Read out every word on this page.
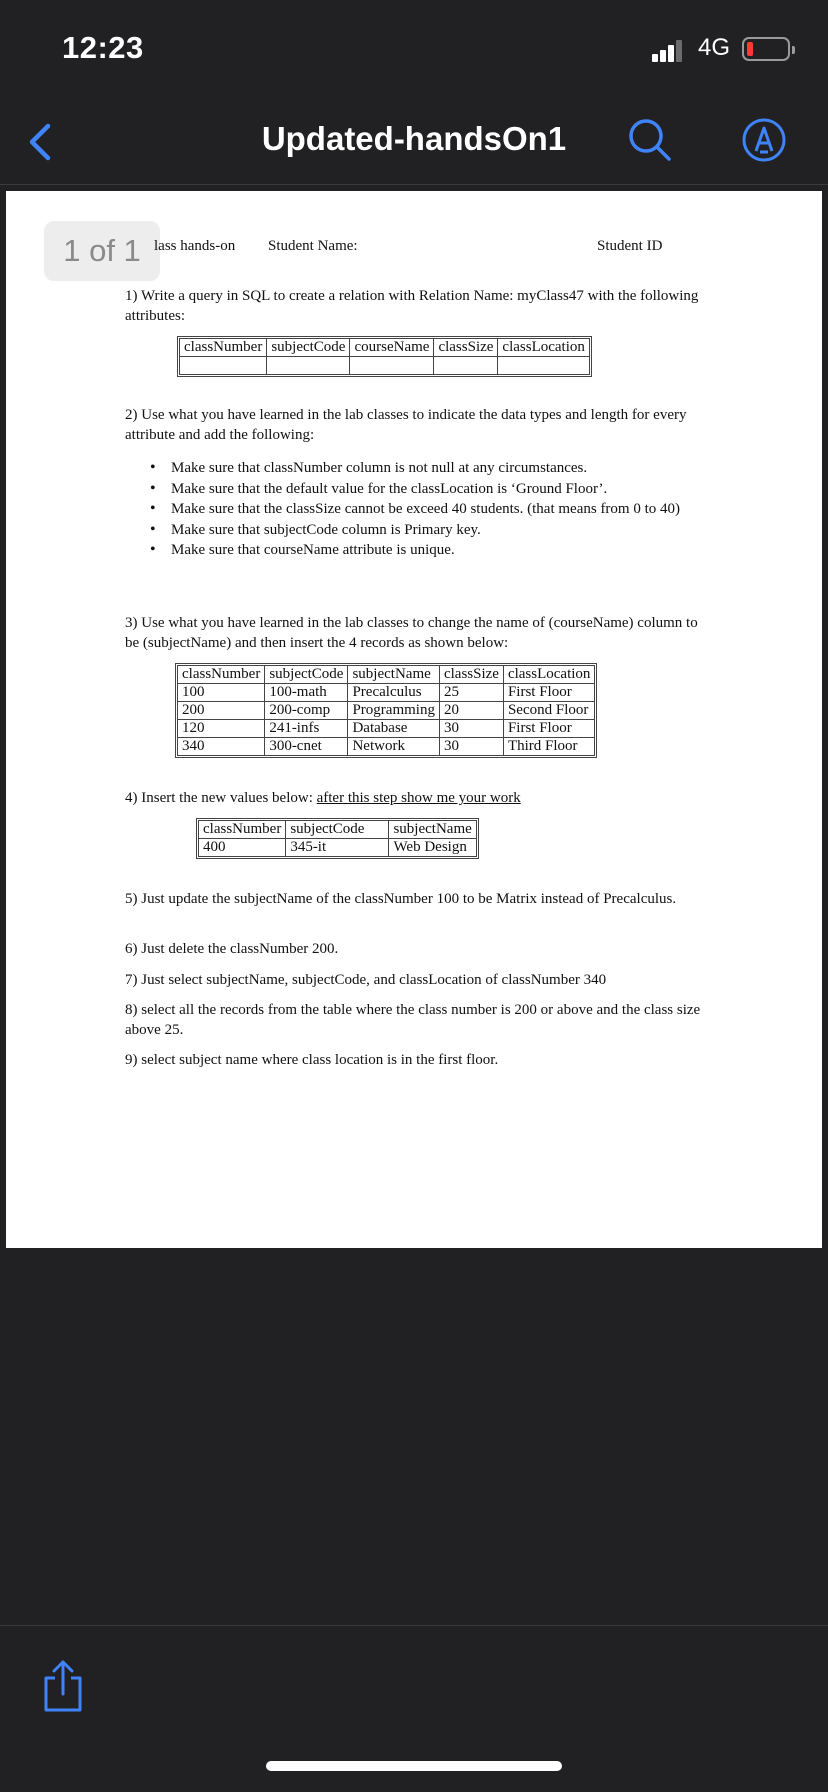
12:23	4G
Updated-handsOn1
1 of 1 lass hands-on Student Name:	Student ID
1) Write a query in SQL to create a relation with Relation Name: myClass47 with the following attributes:
classNumber	subjectCode	courseName	classSize	classLocation

2) Use what you have learned in the lab classes to indicate the data types and length for every attribute and add the following:
• Make sure that classNumber column is not null at any circumstances.
• Make sure that the default value for the classLocation is ‘Ground Floor’.
• Make sure that the classSize cannot be exceed 40 students. (that means from 0 to 40)
• Make sure that subjectCode column is Primary key.
• Make sure that courseName attribute is unique.
3) Use what you have learned in the lab classes to change the name of (courseName) column to be (subjectName) and then insert the 4 records as shown below:
classNumber	subjectCode	subjectName	classSize	classLocation
100	100-math	Precalculus	25	First Floor
200	200-comp	Programming	20	Second Floor
120	241-infs	Database	30	First Floor
340	300-cnet	Network	30	Third Floor
4) Insert the new values below: after this step show me your work
classNumber	subjectCode	subjectName
400	345-it	Web Design
5) Just update the subjectName of the classNumber 100 to be Matrix instead of Precalculus.
6) Just delete the classNumber 200.
7) Just select subjectName, subjectCode, and classLocation of classNumber 340
8) select all the records from the table where the class number is 200 or above and the class size above 25.
9) select subject name where class location is in the first floor.
